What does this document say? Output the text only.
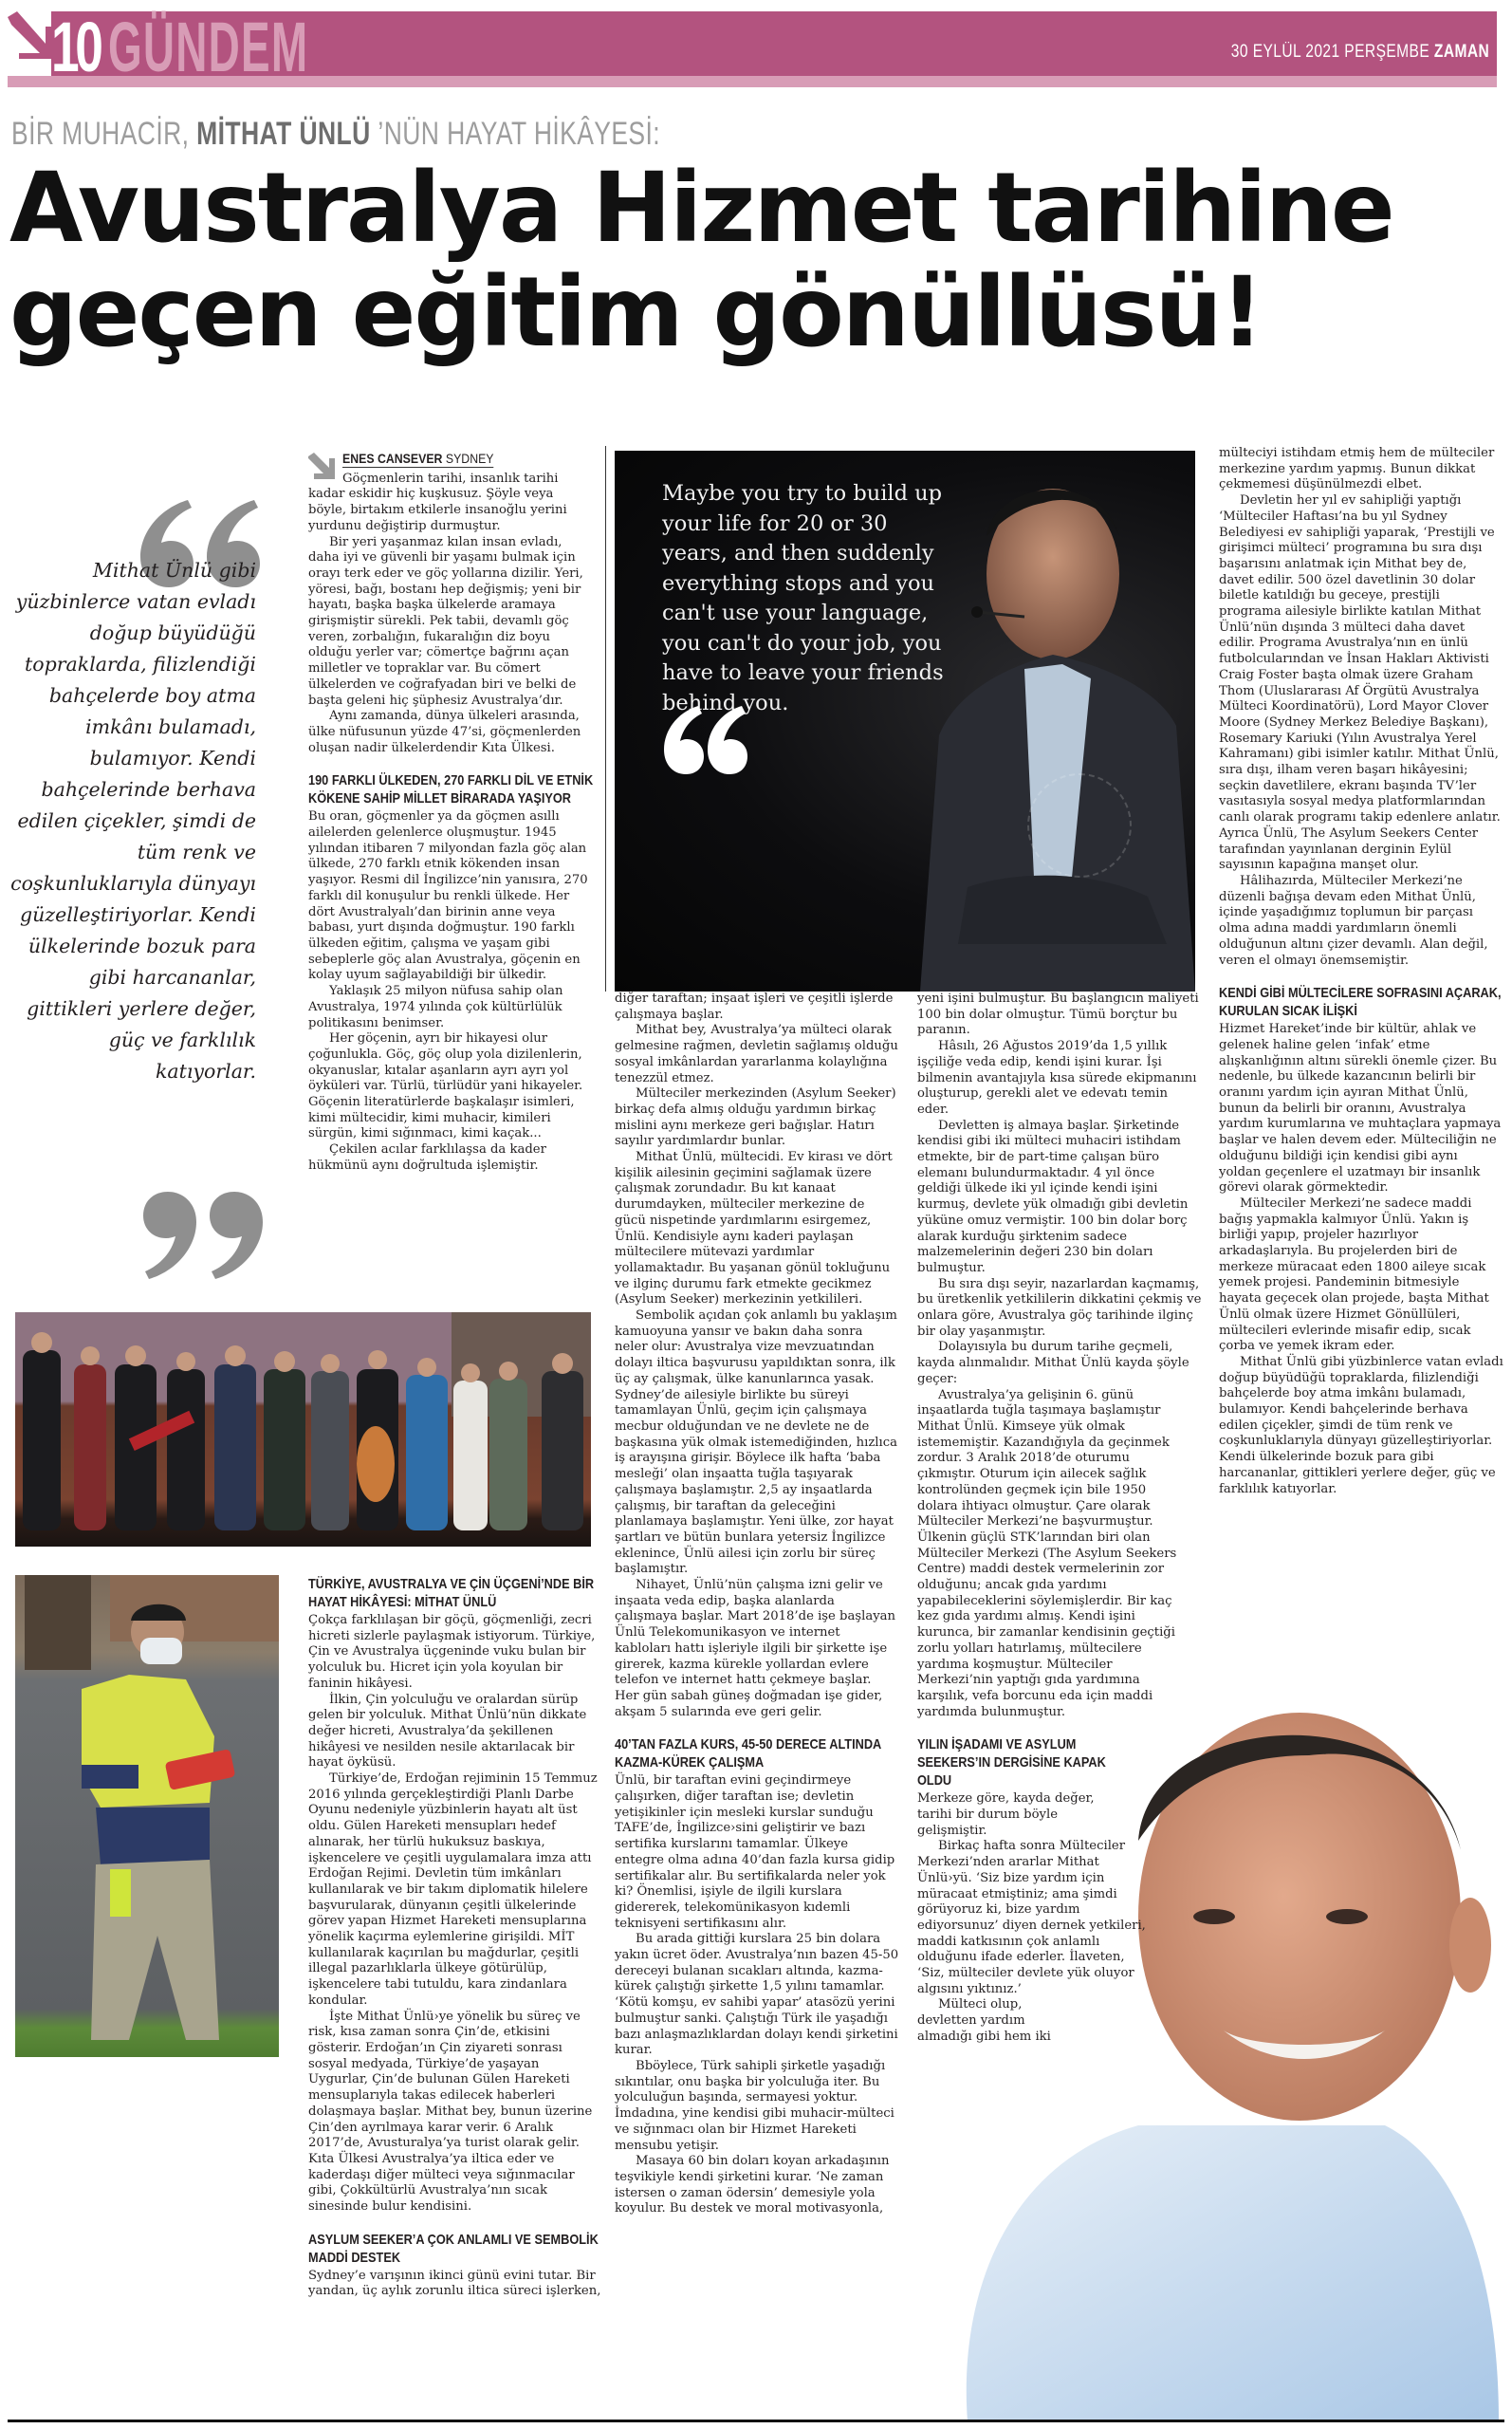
10 GÜNDEM	30 EYLÜL 2021 PERŞEMBE ZAMAN
BİR MUHACİR, MİTHAT ÜNLÜ ’NÜN HAYAT HİKÂYESİ:
Avustralya Hizmet tarihine
geçen eğitim gönüllüsü!
Mithat Ünlü gibi yüzbinlerce vatan evladı doğup büyüdüğü topraklarda, filizlendiği bahçelerde boy atma imkânı bulamadı, bulamıyor. Kendi bahçelerinde berhava edilen çiçekler, şimdi de tüm renk ve coşkunluklarıyla dünyayı güzelleştiriyorlar. Kendi ülkelerinde bozuk para gibi harcananlar, gittikleri yerlere değer, güç ve farklılık katıyorlar.
ENES CANSEVER SYDNEY

Göçmenlerin tarihi, insanlık tarihi kadar eskidir hiç kuşkusuz. Şöyle veya böyle, birtakım etkilerle insanoğlu yerini yurdunu değiştirip durmuştur.

Bir yeri yaşanmaz kılan insan evladı, daha iyi ve güvenli bir yaşamı bulmak için orayı terk eder ve göç yollarına dizilir. Yeri, yöresi, bağı, bostanı hep değişmiş; yeni bir hayatı, başka başka ülkelerde aramaya girişmiştir sürekli. Pek tabii, devamlı göç veren, zorbalığın, fukaralığın diz boyu olduğu yerler var; cömertçe bağrını açan milletler ve topraklar var. Bu cömert ülkelerden ve coğrafyadan biri ve belki de başta geleni hiç şüphesiz Avustralya’dır.

Aynı zamanda, dünya ülkeleri arasında, ülke nüfusunun yüzde 47’si, göçmenlerden oluşan nadir ülkelerdendir Kıta Ülkesi.

190 FARKLI ÜLKEDEN, 270 FARKLI DİL VE ETNİK KÖKENE SAHİP MİLLET BİRARADA YAŞIYOR

Bu oran, göçmenler ya da göçmen asıllı ailelerden gelenlerce oluşmuştur. 1945 yılından itibaren 7 milyondan fazla göç alan ülkede, 270 farklı etnik kökenden insan yaşıyor. Resmi dil İngilizce’nin yanısıra, 270 farklı dil konuşulur bu renkli ülkede. Her dört Avustralyalı’dan birinin anne veya babası, yurt dışında doğmuştur. 190 farklı ülkeden eğitim, çalışma ve yaşam gibi sebeplerle göç alan Avustralya, göçenin en kolay uyum sağlayabildiği bir ülkedir.

Yaklaşık 25 milyon nüfusa sahip olan Avustralya, 1974 yılında çok kültürlülük politikasını benimser.

Her göçenin, ayrı bir hikayesi olur çoğunlukla. Göç, göç olup yola dizilenlerin, okyanuslar, kıtalar aşanların ayrı ayrı yol öyküleri var. Türlü, türlüdür yani hikayeler. Göçenin literatürlerde başkalaşır isimleri, kimi mültecidir, kimi muhacir, kimileri sürgün, kimi sığınmacı, kimi kaçak...

Çekilen acılar farklılaşsa da kader hükmünü aynı doğrultuda işlemiştir.

Maybe you try to build up your life for 20 or 30 years, and then suddenly everything stops and you can't use your language, you can't do your job, you have to leave your friends behind you.
TÜRKİYE, AVUSTRALYA VE ÇİN ÜÇGENİ’NDE BİR HAYAT HİKÂYESİ: MİTHAT ÜNLÜ

Çokça farklılaşan bir göçü, göçmenliği, zecri hicreti sizlerle paylaşmak istiyorum. Türkiye, Çin ve Avustralya üçgeninde vuku bulan bir yolculuk bu. Hicret için yola koyulan bir faninin hikâyesi.

İlkin, Çin yolculuğu ve oralardan sürüp gelen bir yolculuk. Mithat Ünlü’nün dikkate değer hicreti, Avustralya’da şekillenen hikâyesi ve nesilden nesile aktarılacak bir hayat öyküsü.

Türkiye’de, Erdoğan rejiminin 15 Temmuz 2016 yılında gerçekleştirdiği Planlı Darbe Oyunu nedeniyle yüzbinlerin hayatı alt üst oldu. Gülen Hareketi mensupları hedef alınarak, her türlü hukuksuz baskıya, işkencelere ve çeşitli uygulamalara imza attı Erdoğan Rejimi. Devletin tüm imkânları kullanılarak ve bir takım diplomatik hilelere başvurularak, dünyanın çeşitli ülkelerinde görev yapan Hizmet Hareketi mensuplarına yönelik kaçırma eylemlerine girişildi. MİT kullanılarak kaçırılan bu mağdurlar, çeşitli illegal pazarlıklarla ülkeye götürülüp, işkencelere tabi tutuldu, kara zindanlara kondular.

İşte Mithat Ünlü›ye yönelik bu süreç ve risk, kısa zaman sonra Çin’de, etkisini gösterir. Erdoğan’ın Çin ziyareti sonrası sosyal medyada, Türkiye’de yaşayan Uygurlar, Çin’de bulunan Gülen Hareketi mensuplarıyla takas edilecek haberleri dolaşmaya başlar. Mithat bey, bunun üzerine Çin’den ayrılmaya karar verir. 6 Aralık 2017’de, Avusturalya’ya turist olarak gelir. Kıta Ülkesi Avustralya’ya iltica eder ve kaderdaşı diğer mülteci veya sığınmacılar gibi, Çokkültürlü Avustralya’nın sıcak sinesinde bulur kendisini.

ASYLUM SEEKER’A ÇOK ANLAMLI VE SEMBOLİK MADDİ DESTEK

Sydney’e varışının ikinci günü evini tutar. Bir yandan, üç aylık zorunlu iltica süreci işlerken,

diğer taraftan; inşaat işleri ve çeşitli işlerde çalışmaya başlar.

Mithat bey, Avustralya’ya mülteci olarak gelmesine rağmen, devletin sağlamış olduğu sosyal imkânlardan yararlanma kolaylığına tenezzül etmez.

Mülteciler merkezinden (Asylum Seeker) birkaç defa almış olduğu yardımın birkaç mislini aynı merkeze geri bağışlar. Hatırı sayılır yardımlardır bunlar.

Mithat Ünlü, mültecidi. Ev kirası ve dört kişilik ailesinin geçimini sağlamak üzere çalışmak zorundadır. Bu kıt kanaat durumdayken, mülteciler merkezine de gücü nispetinde yardımlarını esirgemez, Ünlü. Kendisiyle aynı kaderi paylaşan mültecilere mütevazi yardımlar yollamaktadır. Bu yaşanan gönül tokluğunu ve ilginç durumu fark etmekte gecikmez (Asylum Seeker) merkezinin yetkilileri.

Sembolik açıdan çok anlamlı bu yaklaşım kamuoyuna yansır ve bakın daha sonra neler olur: Avustralya vize mevzuatından dolayı iltica başvurusu yapıldıktan sonra, ilk üç ay çalışmak, ülke kanunlarınca yasak. Sydney’de ailesiyle birlikte bu süreyi tamamlayan Ünlü, geçim için çalışmaya mecbur olduğundan ve ne devlete ne de başkasına yük olmak istemediğinden, hızlıca iş arayışına girişir. Böylece ilk hafta ‘baba mesleği’ olan inşaatta tuğla taşıyarak çalışmaya başlamıştır. 2,5 ay inşaatlarda çalışmış, bir taraftan da geleceğini planlamaya başlamıştır. Yeni ülke, zor hayat şartları ve bütün bunlara yetersiz İngilizce eklenince, Ünlü ailesi için zorlu bir süreç başlamıştır.

Nihayet, Ünlü’nün çalışma izni gelir ve inşaata veda edip, başka alanlarda çalışmaya başlar. Mart 2018’de işe başlayan Ünlü Telekomunikasyon ve internet kabloları hattı işleriyle ilgili bir şirkette işe girerek, kazma kürekle yollardan evlere telefon ve internet hattı çekmeye başlar. Her gün sabah güneş doğmadan işe gider, akşam 5 sularında eve geri gelir.

40’TAN FAZLA KURS, 45-50 DERECE ALTINDA KAZMA-KÜREK ÇALIŞMA

Ünlü, bir taraftan evini geçindirmeye çalışırken, diğer taraftan ise; devletin yetişikinler için mesleki kurslar sunduğu TAFE’de, İngilizce›sini geliştirir ve bazı sertifika kurslarını tamamlar. Ülkeye entegre olma adına 40’dan fazla kursa gidip sertifikalar alır. Bu sertifikalarda neler yok ki? Önemlisi, işiyle de ilgili kurslara gidererek, telekomünikasyon kıdemli teknisyeni sertifikasını alır.

Bu arada gittiği kurslara 25 bin dolara yakın ücret öder. Avustralya’nın bazen 45-50 dereceyi bulanan sıcakları altında, kazma-kürek çalıştığı şirkette 1,5 yılını tamamlar. ‘Kötü komşu, ev sahibi yapar’ atasözü yerini bulmuştur sanki. Çalıştığı Türk ile yaşadığı bazı anlaşmazlıklardan dolayı kendi şirketini kurar.

Bböylece, Türk sahipli şirketle yaşadığı sıkıntılar, onu başka bir yolculuğa iter. Bu yolculuğun başında, sermayesi yoktur. İmdadına, yine kendisi gibi muhacir-mülteci ve sığınmacı olan bir Hizmet Hareketi mensubu yetişir.

Masaya 60 bin doları koyan arkadaşının teşvikiyle kendi şirketini kurar. ‘Ne zaman istersen o zaman ödersin’ demesiyle yola koyulur. Bu destek ve moral motivasyonla,

yeni işini bulmuştur. Bu başlangıcın maliyeti 100 bin dolar olmuştur. Tümü borçtur bu paranın.

Hâsılı, 26 Ağustos 2019’da 1,5 yıllık işçiliğe veda edip, kendi işini kurar. İşi bilmenin avantajıyla kısa sürede ekipmanını oluşturup, gerekli alet ve edevatı temin eder.

Devletten iş almaya başlar. Şirketinde kendisi gibi iki mülteci muhaciri istihdam etmekte, bir de part-time çalışan büro elemanı bulundurmaktadır. 4 yıl önce geldiği ülkede iki yıl içinde kendi işini kurmuş, devlete yük olmadığı gibi devletin yüküne omuz vermiştir. 100 bin dolar borç alarak kurduğu şirktenim sadece malzemelerinin değeri 230 bin doları bulmuştur.

Bu sıra dışı seyir, nazarlardan kaçmamış, bu üretkenlik yetkililerin dikkatini çekmiş ve onlara göre, Avustralya göç tarihinde ilginç bir olay yaşanmıştır.

Dolayısıyla bu durum tarihe geçmeli, kayda alınmalıdır. Mithat Ünlü kayda şöyle geçer:

Avustralya’ya gelişinin 6. günü inşaatlarda tuğla taşımaya başlamıştır Mithat Ünlü. Kimseye yük olmak istememiştir. Kazandığıyla da geçinmek zordur. 3 Aralık 2018’de oturumu çıkmıştır. Oturum için ailecek sağlık kontrolünden geçmek için bile 1950 dolara ihtiyacı olmuştur. Çare olarak Mülteciler Merkezi’ne başvurmuştur. Ülkenin güçlü STK’larından biri olan Mülteciler Merkezi (The Asylum Seekers Centre) maddi destek vermelerinin zor olduğunu; ancak gıda yardımı yapabileceklerini söylemişlerdir. Bir kaç kez gıda yardımı almış. Kendi işini kurunca, bir zamanlar kendisinin geçtiği zorlu yolları hatırlamış, mültecilere yardıma koşmuştur. Mülteciler Merkezi’nin yaptığı gıda yardımına karşılık, vefa borcunu eda için maddi yardımda bulunmuştur.

YILIN İŞADAMI VE ASYLUM SEEKERS’IN DERGİSİNE KAPAK OLDU

Merkeze göre, kayda değer, tarihi bir durum böyle gelişmiştir.

Birkaç hafta sonra Mülteciler Merkezi’nden ararlar Mithat Ünlü›yü. ‘Siz bize yardım için müracaat etmiştiniz; ama şimdi görüyoruz ki, bize yardım ediyorsunuz’ diyen dernek yetkileri, maddi katkısının çok anlamlı olduğunu ifade ederler. İlaveten, ‘Siz, mülteciler devlete yük oluyor algısını yıktınız.’

Mülteci olup, devletten yardım almadığı gibi hem iki

mülteciyi istihdam etmiş hem de mülteciler merkezine yardım yapmış. Bunun dikkat çekmemesi düşünülmezdi elbet.

Devletin her yıl ev sahipliği yaptığı ‘Mülteciler Haftası’na bu yıl Sydney Belediyesi ev sahipliği yaparak, ‘Prestijli ve girişimci mülteci’ programına bu sıra dışı başarısını anlatmak için Mithat bey de, davet edilir. 500 özel davetlinin 30 dolar biletle katıldığı bu geceye, prestijli programa ailesiyle birlikte katılan Mithat Ünlü’nün dışında 3 mülteci daha davet edilir. Programa Avustralya’nın en ünlü futbolcularından ve İnsan Hakları Aktivisti Craig Foster başta olmak üzere Graham Thom (Uluslararası Af Örgütü Avustralya Mülteci Koordinatörü), Lord Mayor Clover Moore (Sydney Merkez Belediye Başkanı), Rosemary Kariuki (Yılın Avustralya Yerel Kahramanı) gibi isimler katılır. Mithat Ünlü, sıra dışı, ilham veren başarı hikâyesini; seçkin davetlilere, ekranı başında TV’ler vasıtasıyla sosyal medya platformlarından canlı olarak programı takip edenlere anlatır. Ayrıca Ünlü, The Asylum Seekers Center tarafından yayınlanan derginin Eylül sayısının kapağına manşet olur.

Hâlihazırda, Mülteciler Merkezi’ne düzenli bağışa devam eden Mithat Ünlü, içinde yaşadığımız toplumun bir parçası olma adına maddi yardımların önemli olduğunun altını çizer devamlı. Alan değil, veren el olmayı önemsemiştir.

KENDİ GİBİ MÜLTECİLERE SOFRASINI AÇARAK, KURULAN SICAK İLİŞKİ

Hizmet Hareket’inde bir kültür, ahlak ve gelenek haline gelen ‘infak’ etme alışkanlığının altını sürekli önemle çizer. Bu nedenle, bu ülkede kazancının belirli bir oranını yardım için ayıran Mithat Ünlü, bunun da belirli bir oranını, Avustralya yardım kurumlarına ve muhtaçlara yapmaya başlar ve halen devem eder. Mülteciliğin ne olduğunu bildiği için kendisi gibi aynı yoldan geçenlere el uzatmayı bir insanlık görevi olarak görmektedir.

Mülteciler Merkezi’ne sadece maddi bağış yapmakla kalmıyor Ünlü. Yakın iş birliği yapıp, projeler hazırlıyor arkadaşlarıyla. Bu projelerden biri de merkeze müracaat eden 1800 aileye sıcak yemek projesi. Pandeminin bitmesiyle hayata geçecek olan projede, başta Mithat Ünlü olmak üzere Hizmet Gönüllüleri, mültecileri evlerinde misafir edip, sıcak çorba ve yemek ikram eder.

Mithat Ünlü gibi yüzbinlerce vatan evladı doğup büyüdüğü topraklarda, filizlendiği bahçelerde boy atma imkânı bulamadı, bulamıyor. Kendi bahçelerinde berhava edilen çiçekler, şimdi de tüm renk ve coşkunluklarıyla dünyayı güzelleştiriyorlar. Kendi ülkelerinde bozuk para gibi harcananlar, gittikleri yerlere değer, güç ve farklılık katıyorlar.
